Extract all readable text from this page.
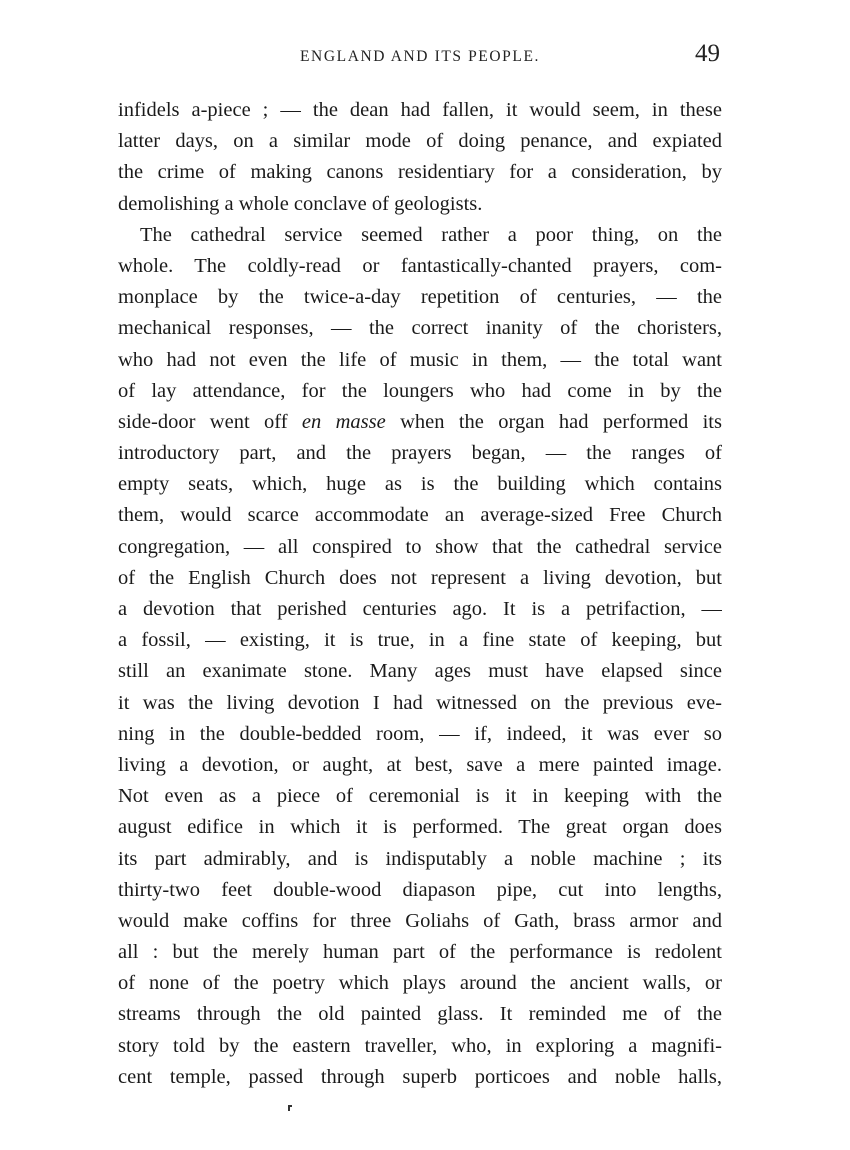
ENGLAND AND ITS PEOPLE.	49
infidels a-piece ; — the dean had fallen, it would seem, in these
latter days, on a similar mode of doing penance, and expiated
the crime of making canons residentiary for a consideration, by
demolishing a whole conclave of geologists.
The cathedral service seemed rather a poor thing, on the
whole. The coldly-read or fantastically-chanted prayers, com-
monplace by the twice-a-day repetition of centuries, — the
mechanical responses, — the correct inanity of the choristers,
who had not even the life of music in them, — the total want
of lay attendance, for the loungers who had come in by the
side-door went off en masse when the organ had performed its
introductory part, and the prayers began, — the ranges of
empty seats, which, huge as is the building which contains
them, would scarce accommodate an average-sized Free Church
congregation, — all conspired to show that the cathedral service
of the English Church does not represent a living devotion, but
a devotion that perished centuries ago. It is a petrifaction, —
a fossil, — existing, it is true, in a fine state of keeping, but
still an exanimate stone. Many ages must have elapsed since
it was the living devotion I had witnessed on the previous eve-
ning in the double-bedded room, — if, indeed, it was ever so
living a devotion, or aught, at best, save a mere painted image.
Not even as a piece of ceremonial is it in keeping with the
august edifice in which it is performed. The great organ does
its part admirably, and is indisputably a noble machine ; its
thirty-two feet double-wood diapason pipe, cut into lengths,
would make coffins for three Goliahs of Gath, brass armor and
all : but the merely human part of the performance is redolent
of none of the poetry which plays around the ancient walls, or
streams through the old painted glass. It reminded me of the
story told by the eastern traveller, who, in exploring a magnifi-
cent temple, passed through superb porticoes and noble halls,
